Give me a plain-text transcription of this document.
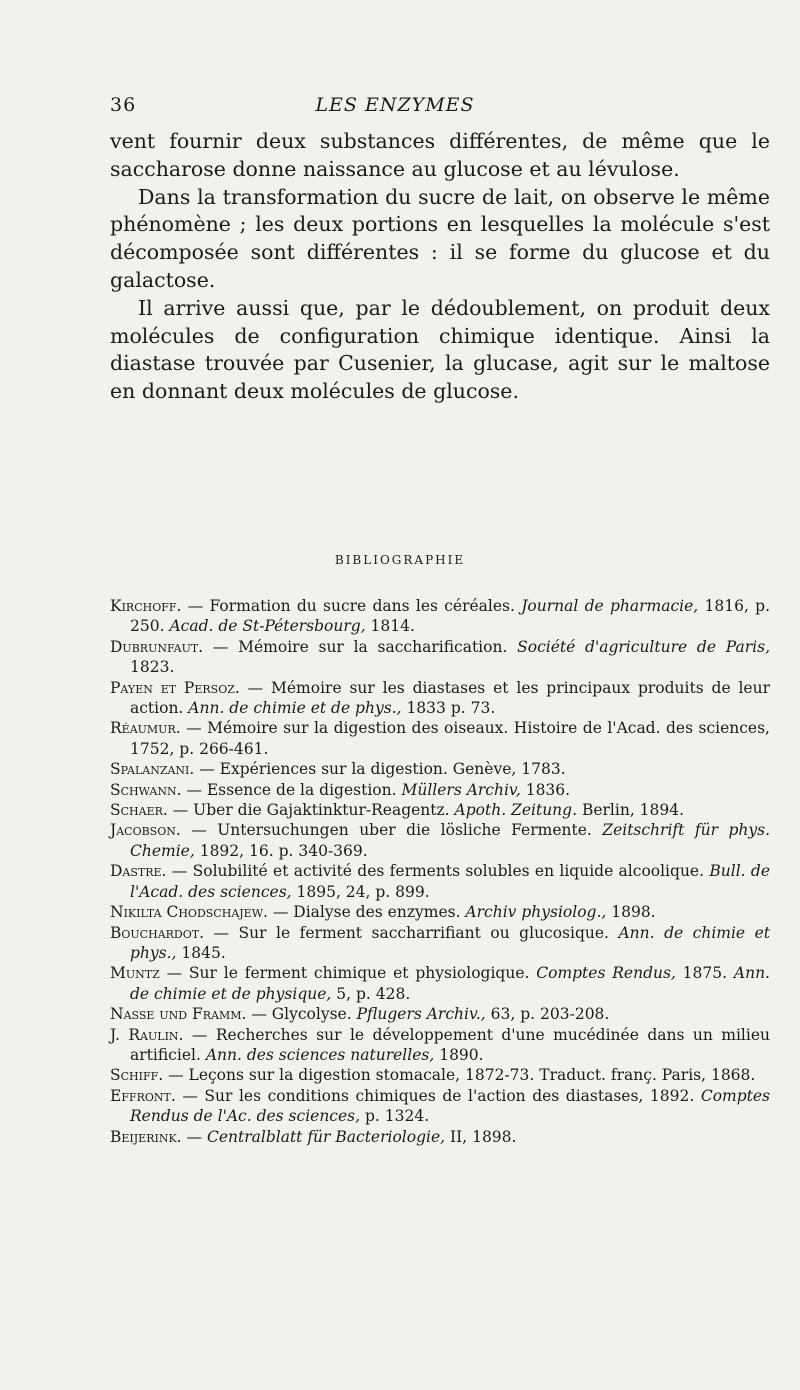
36	LES ENZYMES

vent fournir deux substances différentes, de même que le saccharose donne naissance au glucose et au lévulose.

Dans la transformation du sucre de lait, on observe le même phénomène ; les deux portions en lesquelles la molécule s'est décomposée sont différentes : il se forme du glucose et du galactose.

Il arrive aussi que, par le dédoublement, on produit deux molécules de configuration chimique identique. Ainsi la diastase trouvée par Cusenier, la glucase, agit sur le maltose en donnant deux molécules de glucose.

BIBLIOGRAPHIE
Kirchoff. — Formation du sucre dans les céréales. Journal de pharmacie, 1816, p. 250. Acad. de St-Pétersbourg, 1814.
Dubrunfaut. — Mémoire sur la saccharification. Société d'agriculture de Paris, 1823.
Payen et Persoz. — Mémoire sur les diastases et les principaux produits de leur action. Ann. de chimie et de phys., 1833 p. 73.
Réaumur. — Mémoire sur la digestion des oiseaux. Histoire de l'Acad. des sciences, 1752, p. 266-461.
Spalanzani. — Expériences sur la digestion. Genève, 1783.
Schwann. — Essence de la digestion. Müllers Archiv, 1836.
Schaer. — Uber die Gajaktinktur-Reagentz. Apoth. Zeitung. Berlin, 1894.
Jacobson. — Untersuchungen uber die lösliche Fermente. Zeitschrift für phys. Chemie, 1892, 16. p. 340-369.
Dastre. — Solubilité et activité des ferments solubles en liquide alcoolique. Bull. de l'Acad. des sciences, 1895, 24, p. 899.
Nikilta Chodschajew. — Dialyse des enzymes. Archiv physiolog., 1898.
Bouchardot. — Sur le ferment saccharrifiant ou glucosique. Ann. de chimie et phys., 1845.
Muntz — Sur le ferment chimique et physiologique. Comptes Rendus, 1875. Ann. de chimie et de physique, 5, p. 428.
Nasse und Framm. — Glycolyse. Pflugers Archiv., 63, p. 203-208.
J. Raulin. — Recherches sur le développement d'une mucédinée dans un milieu artificiel. Ann. des sciences naturelles, 1890.
Schiff. — Leçons sur la digestion stomacale, 1872-73. Traduct. franç. Paris, 1868.
Effront. — Sur les conditions chimiques de l'action des diastases, 1892. Comptes Rendus de l'Ac. des sciences, p. 1324.
Beijerink. — Centralblatt für Bacteriologie, II, 1898.
